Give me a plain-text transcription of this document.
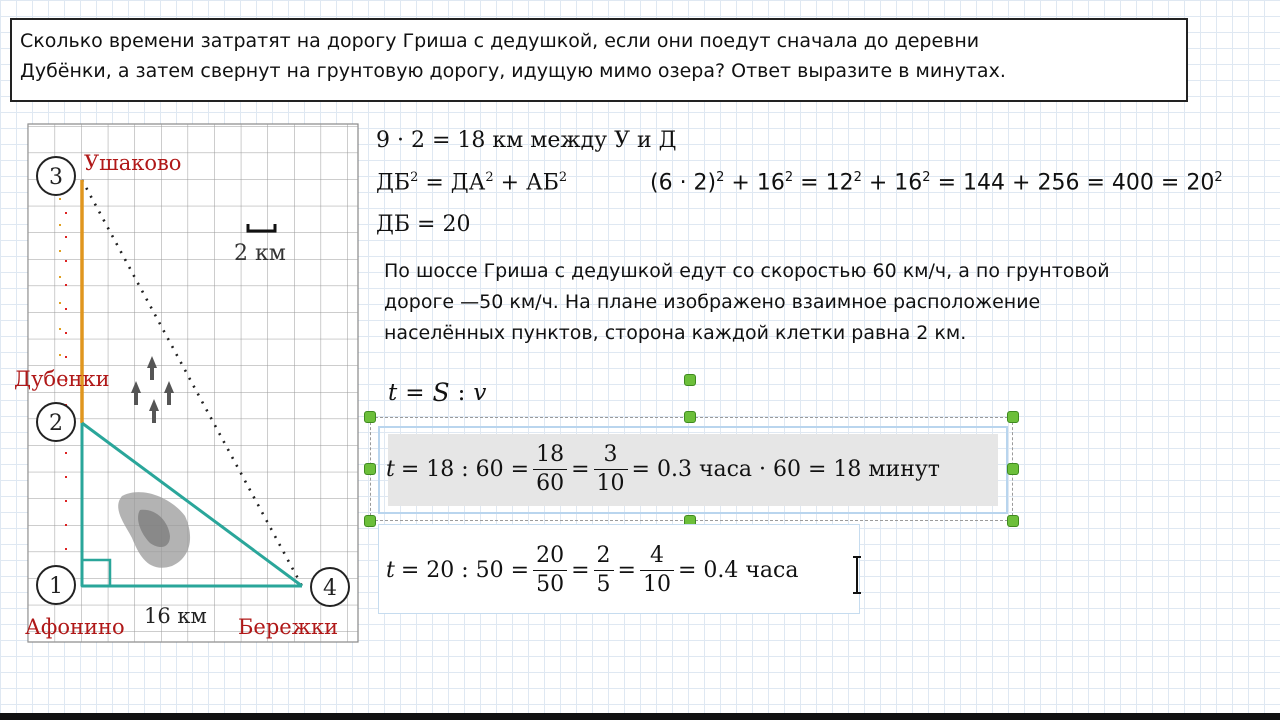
Сколько времени затратят на дорогу Гриша с дедушкой, если они поедут сначала до деревни
Дубёнки, а затем свернут на грунтовую дорогу, идущую мимо озера? Ответ выразите в минутах.
2 км
3
2
1	4
Ушаково
Дубенки
Афонино	Бережки
16 км
9 · 2 = 18 км между У и Д
$ДБ^2 = ДА^2 + АБ^2$	$(6 \cdot 2)^2 + 16^2 = 12^2 + 16^2 = 144 + 256 = 400 = 20^2$
ДБ = 20
По шоссе Гриша с дедушкой едут со скоростью 60 км/ч, а по грунтовой
дороге —50 км/ч. На плане изображено взаимное расположение
населённых пунктов, сторона каждой клетки равна 2 км.
t = S : v
t = 18 : $60 = \frac{18}{60} = \frac{3}{10} = 0.3$ часа · 60 = 18 минут
t = 20 : $50 = \frac{20}{50} = \frac{2}{5} = \frac{4}{10} = 0.4$ часа
